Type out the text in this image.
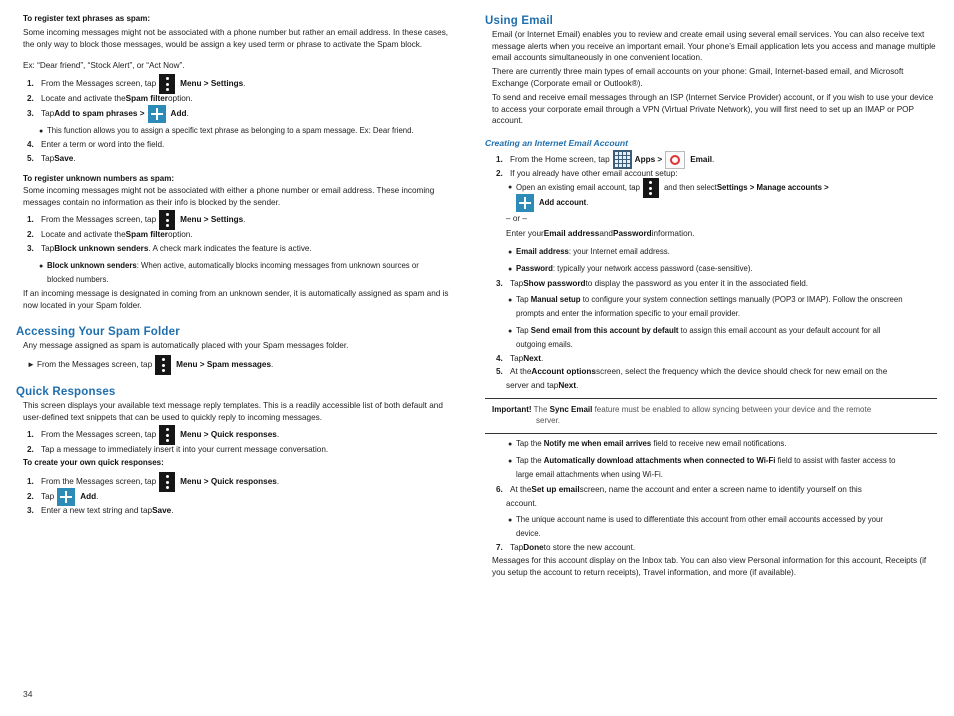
To register text phrases as spam:

Some incoming messages might not be associated with a phone number but rather an email address. In these cases, the only way to block those messages, would be assign a key used term or phrase to activate the Spam block.

Ex: “Dear friend”, “Stock Alert”, or “Act Now”.

1. From the Messages screen, tap	Menu > Settings .
2. Locate and activate the Spam filter option.
3. Tap Add to spam phrases >	Add .
● This function allows you to assign a specific text phrase as belonging to a spam message. Ex: Dear friend.
4. Enter a term or word into the field.
5. Tap Save .

To register unknown numbers as spam:

Some incoming messages might not be associated with either a phone number or email address. These incoming messages contain no information as their info is blocked by the sender.

1. From the Messages screen, tap	Menu > Settings .
2. Locate and activate the Spam filter option.
3. Tap Block unknown senders . A check mark indicates the feature is active.
● Block unknown senders: When active, automatically blocks incoming messages from unknown sources or
blocked numbers.

If an incoming message is designated in coming from an unknown sender, it is automatically assigned as spam and is now located in your Spam folder.

Accessing Your Spam Folder

Any message assigned as spam is automatically placed with your Spam messages folder.

► From the Messages screen, tap	Menu > Spam messages .
Quick Responses

This screen displays your available text message reply templates. This is a readily accessible list of both default and user-defined text snippets that can be used to quickly reply to incoming messages.

1. From the Messages screen, tap	Menu > Quick responses .
2. Tap a message to immediately insert it into your current message conversation.

To create your own quick responses:

1. From the Messages screen, tap	Menu > Quick responses .
2. Tap	Add .
3. Enter a new text string and tap Save .
Using Email

Email (or Internet Email) enables you to review and create email using several email services. You can also receive text message alerts when you receive an important email. Your phone’s Email application lets you access and manage multiple email accounts simultaneously in one convenient location.

There are currently three main types of email accounts on your phone: Gmail, Internet-based email, and Microsoft Exchange (Corporate email or Outlook®).

To send and receive email messages through an ISP (Internet Service Provider) account, or if you wish to use your device to access your corporate email through a VPN (Virtual Private Network), you will first need to set up an IMAP or POP account.

Creating an Internet Email Account
1. From the Home screen, tap	Apps >	Email .
2. If you already have other email account setup:
● Open an existing email account, tap	and then select Settings >
Manage accounts >
Add account .

– or –

Enter your Email address and Password information.
● Email address: your Internet email address.
● Password: typically your network access password (case-sensitive).
3. Tap Show password to display the password as you enter it in the associated field.
● Tap Manual setup to configure your system connection settings manually (POP3 or IMAP). Follow the onscreen
prompts and enter the information specific to your email provider.
● Tap Send email from this account by default to assign this email account as your default account for all
outgoing emails.
4. Tap Next .
5. At the Account options screen, select the frequency which the device should check for new email on the
server and tap Next .
Important! The Sync Email feature must be enabled to allow syncing between your device and the remote
server.
● Tap the Notify me when email arrives field to receive new email notifications.
● Tap the Automatically download attachments when connected to Wi-Fi field to assist with faster access to
large email attachments when using Wi-Fi.
6. At the Set up email screen, name the account and enter a screen name to identify yourself on this
account.
● The unique account name is used to differentiate this account from other email accounts accessed by your
device.
7. Tap Done to store the new account.

Messages for this account display on the Inbox tab. You can also view Personal information for this account, Receipts (if you setup the account to return receipts), Travel information, and more (if available).

34
